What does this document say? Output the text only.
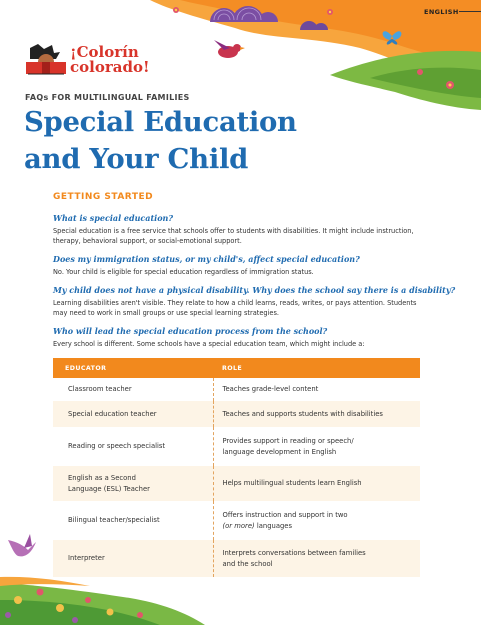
ENGLISH
¡Colorín
colorado!
FAQs FOR MULTILINGUAL FAMILIES
Special Education
and Your Child
GETTING STARTED
What is special education?
Special education is a free service that schools offer to students with disabilities. It might include instruction, therapy, behavioral support, or social-emotional support.
Does my immigration status, or my child's, affect special education?
No. Your child is eligible for special education regardless of immigration status.
My child does not have a physical disability. Why does the school say there is a disability?
Learning disabilities aren't visible. They relate to how a child learns, reads, writes, or pays attention. Students may need to work in small groups or use special learning strategies.
Who will lead the special education process from the school?
Every school is different. Some schools have a special education team, which might include a:
EDUCATOR	ROLE
Classroom teacher	Teaches grade-level content
Special education teacher	Teaches and supports students with disabilities
Reading or speech specialist	Provides support in reading or speech/
language development in English
English as a Second
Language (ESL) Teacher	Helps multilingual students learn English
Bilingual teacher/specialist	Offers instruction and support in two
(or more) languages
Interpreter	Interprets conversations between families
and the school
